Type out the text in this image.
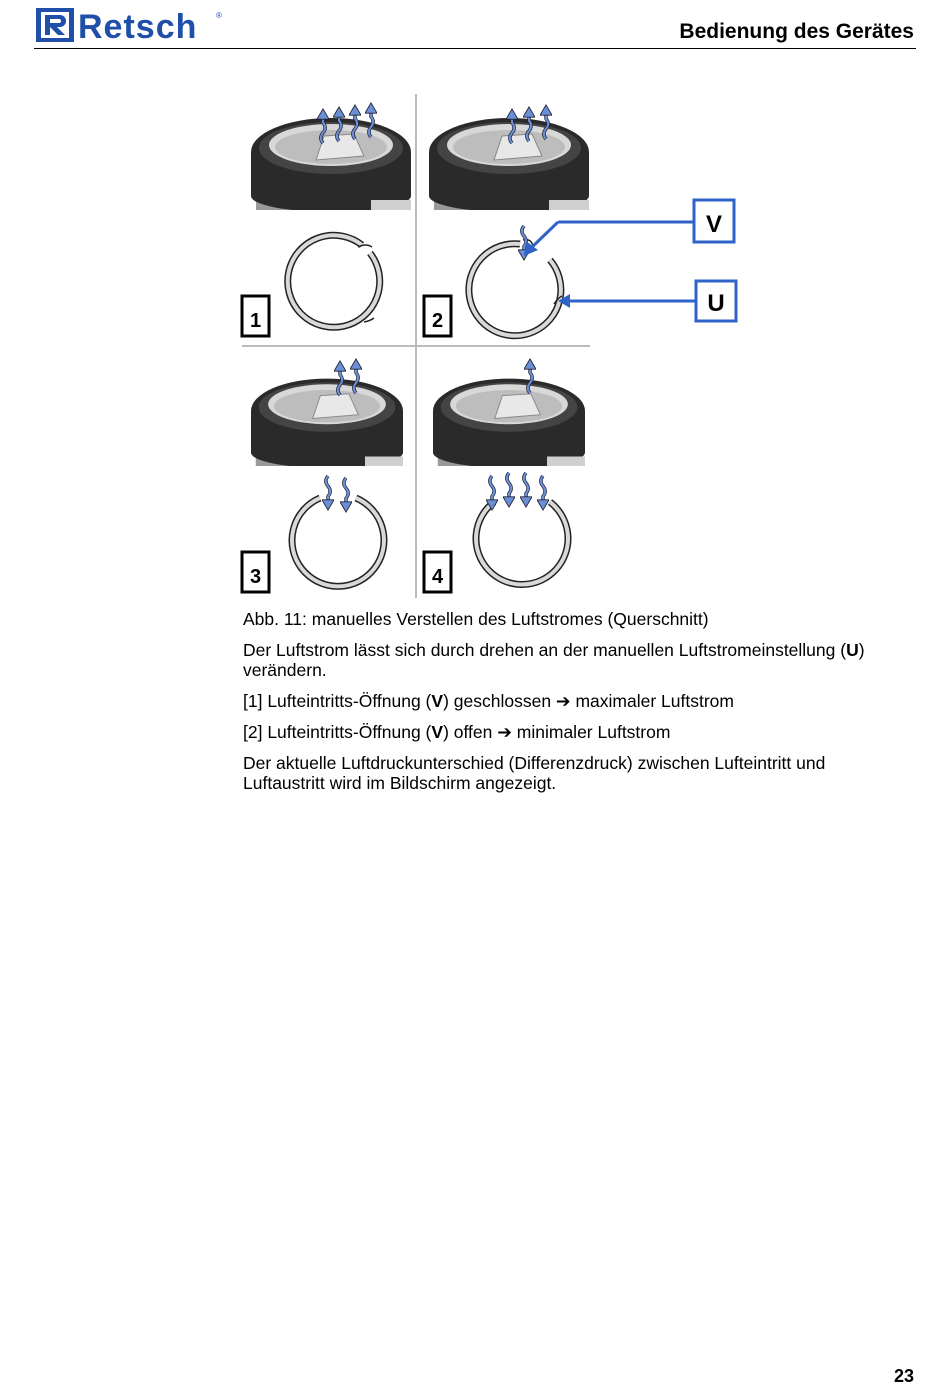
Retsch ®
Bedienung des Gerätes
1	2
3	4
V
U

Abb. 11: manuelles Verstellen des Luftstromes (Querschnitt)

Der Luftstrom lässt sich durch drehen an der manuellen Luftstromeinstellung (U) verändern.

[1] Lufteintritts-Öffnung (V) geschlossen ➔ maximaler Luftstrom

[2] Lufteintritts-Öffnung (V) offen ➔ minimaler Luftstrom

Der aktuelle Luftdruckunterschied (Differenzdruck) zwischen Lufteintritt und Luftaustritt wird im Bildschirm angezeigt.

23
